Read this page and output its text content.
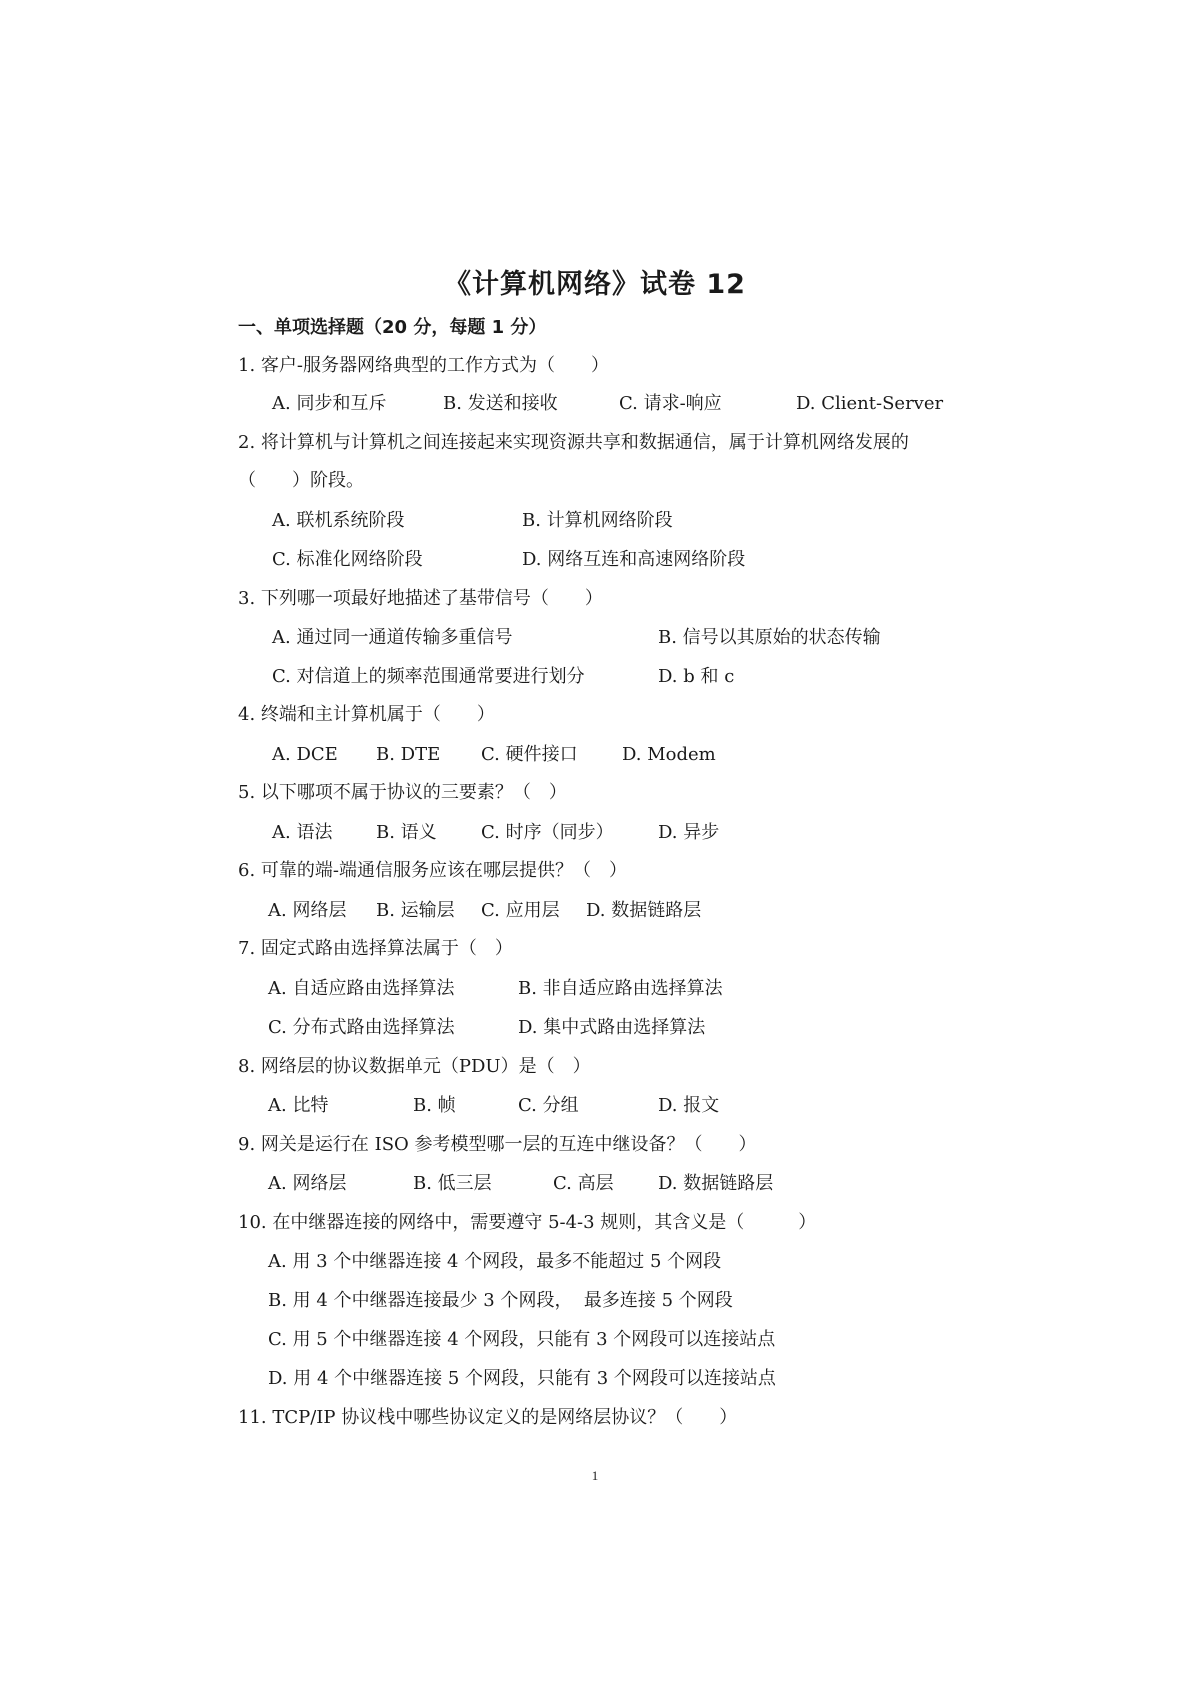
《计算机网络》试卷 12
一、单项选择题（20 分，每题 1 分）
1. 客户-服务器网络典型的工作方式为（　　）
A. 同步和互斥	B. 发送和接收	C. 请求-响应	D. Client-Server
2. 将计算机与计算机之间连接起来实现资源共享和数据通信，属于计算机网络发展的
（　　）阶段。
A. 联机系统阶段	B. 计算机网络阶段
C. 标准化网络阶段	D. 网络互连和高速网络阶段
3. 下列哪一项最好地描述了基带信号（　　）
A. 通过同一通道传输多重信号	B. 信号以其原始的状态传输
C. 对信道上的频率范围通常要进行划分	D. b 和 c
4. 终端和主计算机属于（　　）
A. DCE B. DTE C. 硬件接口 D. Modem
5. 以下哪项不属于协议的三要素？（　）
A. 语法 B. 语义 C. 时序（同步） D. 异步
6. 可靠的端-端通信服务应该在哪层提供？（　）
A. 网络层 B. 运输层 C. 应用层 D. 数据链路层
7. 固定式路由选择算法属于（　）
A. 自适应路由选择算法	B. 非自适应路由选择算法
C. 分布式路由选择算法	D. 集中式路由选择算法
8. 网络层的协议数据单元（PDU）是（　）
A. 比特	B. 帧	C. 分组	D. 报文
9. 网关是运行在 ISO 参考模型哪一层的互连中继设备？（　　）
A. 网络层	B. 低三层	C. 高层 D. 数据链路层
10. 在中继器连接的网络中，需要遵守 5-4-3 规则，其含义是（　　　）
A. 用 3 个中继器连接 4 个网段，最多不能超过 5 个网段
B. 用 4 个中继器连接最少 3 个网段，  最多连接 5 个网段
C. 用 5 个中继器连接 4 个网段，只能有 3 个网段可以连接站点
D. 用 4 个中继器连接 5 个网段，只能有 3 个网段可以连接站点
11. TCP/IP 协议栈中哪些协议定义的是网络层协议？（　　）
1
